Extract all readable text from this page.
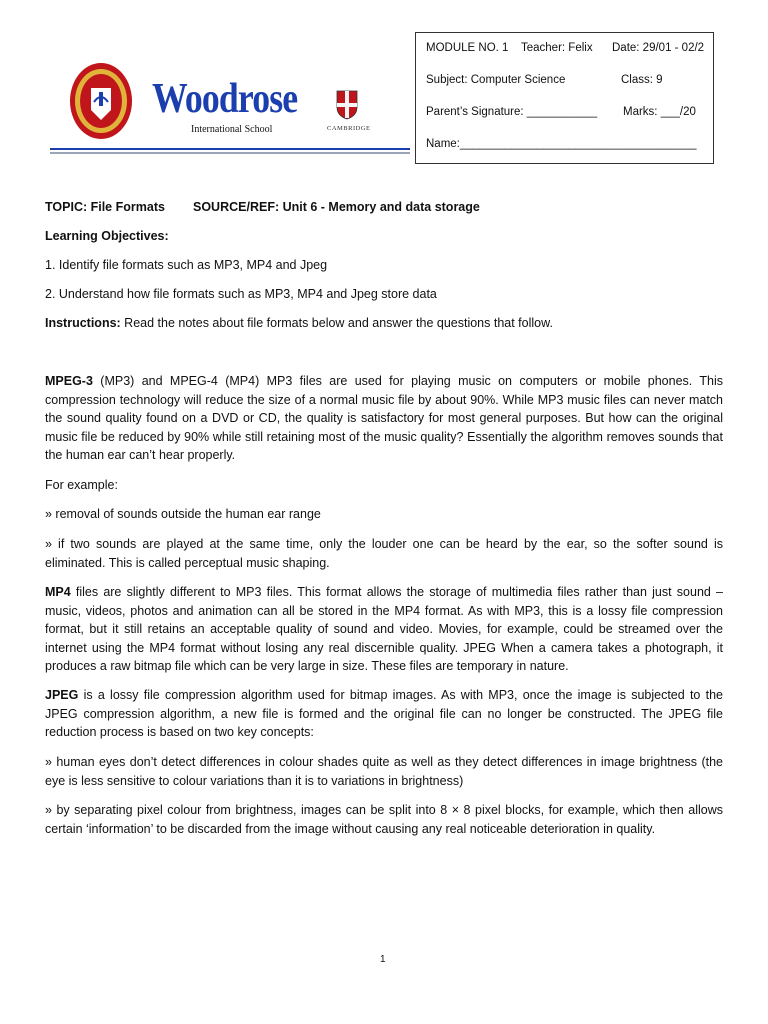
Woodrose
International School	CAMBRIDGE
MODULE NO. 1 Teacher: Felix Date: 29/01 - 02/2
Subject: Computer Science	Class: 9
Parent’s Signature: ___________ Marks: ___/20
Name:_____________________________________
TOPIC: File Formats SOURCE/REF: Unit 6 - Memory and data storage
Learning Objectives:
1. Identify file formats such as MP3, MP4 and Jpeg
2. Understand how file formats such as MP3, MP4 and Jpeg store data
Instructions: Read the notes about file formats below and answer the questions that follow.
MPEG-3 (MP3) and MPEG-4 (MP4) MP3 files are used for playing music on computers or mobile phones. This compression technology will reduce the size of a normal music file by about 90%. While MP3 music files can never match the sound quality found on a DVD or CD, the quality is satisfactory for most general purposes. But how can the original music file be reduced by 90% while still retaining most of the music quality? Essentially the algorithm removes sounds that the human ear can’t hear properly.
For example:
» removal of sounds outside the human ear range
» if two sounds are played at the same time, only the louder one can be heard by the ear, so the softer sound is eliminated. This is called perceptual music shaping.
MP4 files are slightly different to MP3 files. This format allows the storage of multimedia files rather than just sound – music, videos, photos and animation can all be stored in the MP4 format. As with MP3, this is a lossy file compression format, but it still retains an acceptable quality of sound and video. Movies, for example, could be streamed over the internet using the MP4 format without losing any real discernible quality. JPEG When a camera takes a photograph, it produces a raw bitmap file which can be very large in size. These files are temporary in nature.
JPEG is a lossy file compression algorithm used for bitmap images. As with MP3, once the image is subjected to the JPEG compression algorithm, a new file is formed and the original file can no longer be constructed. The JPEG file reduction process is based on two key concepts:
» human eyes don’t detect differences in colour shades quite as well as they detect differences in image brightness (the eye is less sensitive to colour variations than it is to variations in brightness)
» by separating pixel colour from brightness, images can be split into 8 × 8 pixel blocks, for example, which then allows certain ‘information’ to be discarded from the image without causing any real noticeable deterioration in quality.
1
